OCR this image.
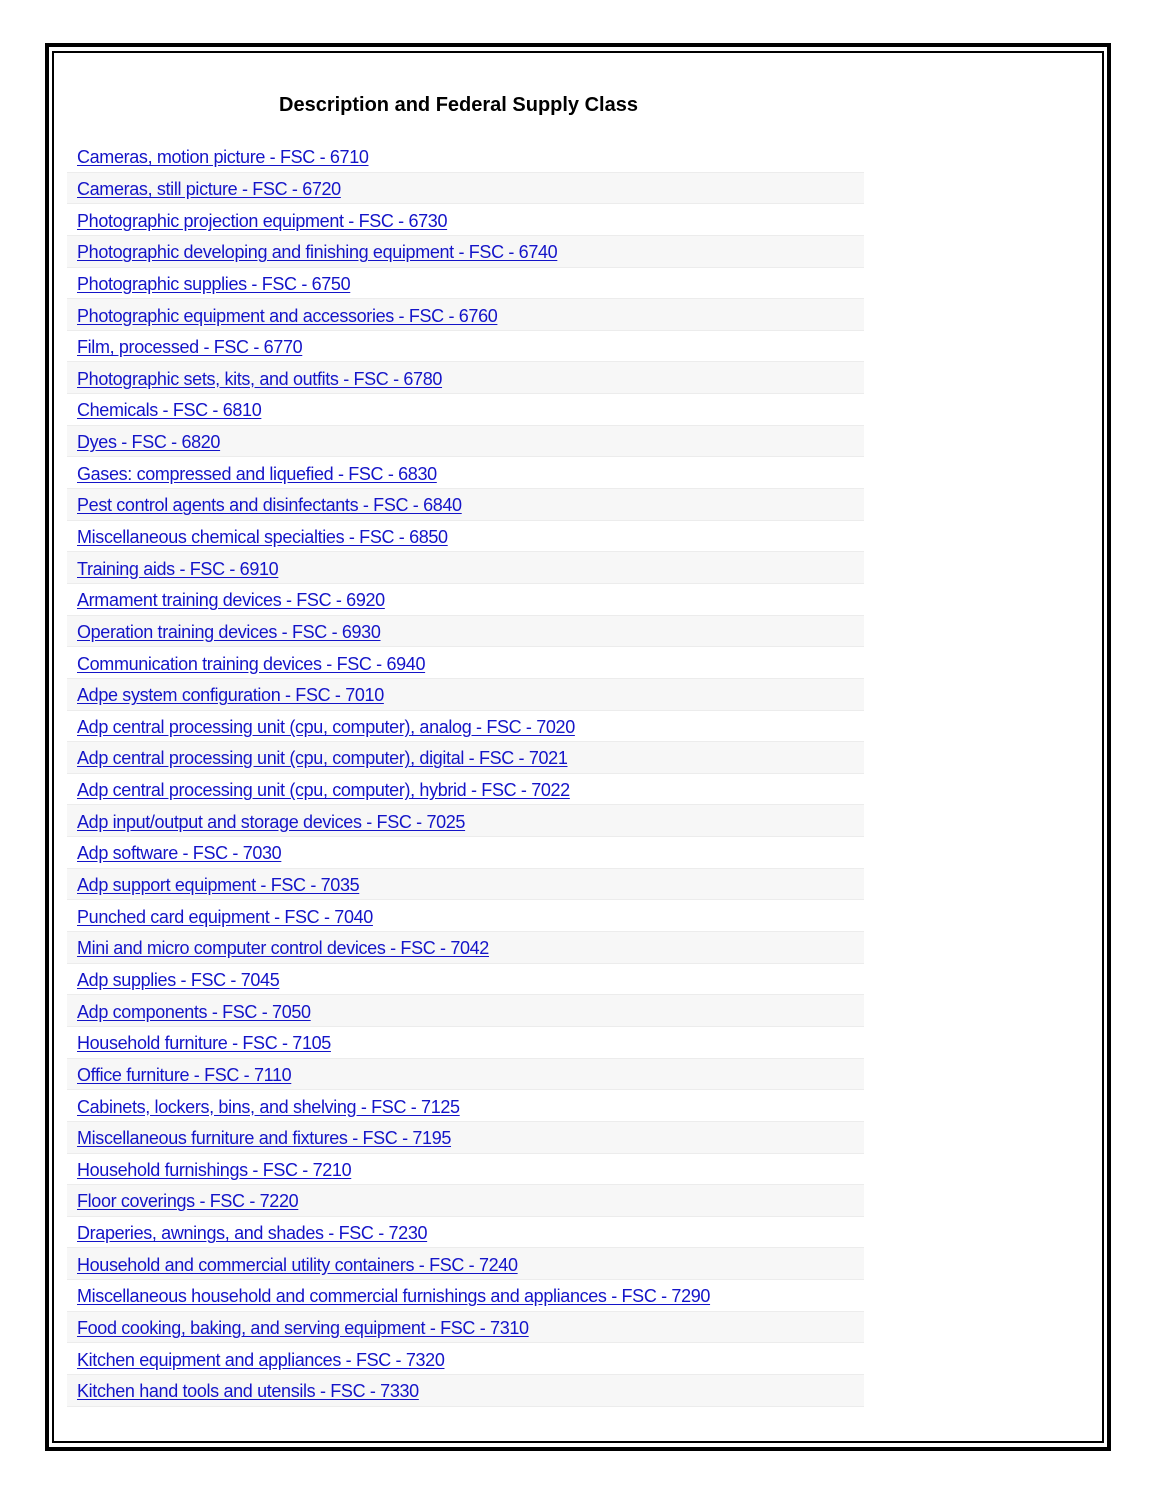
Description and Federal Supply Class
Cameras, motion picture - FSC - 6710
Cameras, still picture - FSC - 6720
Photographic projection equipment - FSC - 6730
Photographic developing and finishing equipment - FSC - 6740
Photographic supplies - FSC - 6750
Photographic equipment and accessories - FSC - 6760
Film, processed - FSC - 6770
Photographic sets, kits, and outfits - FSC - 6780
Chemicals - FSC - 6810
Dyes - FSC - 6820
Gases: compressed and liquefied - FSC - 6830
Pest control agents and disinfectants - FSC - 6840
Miscellaneous chemical specialties - FSC - 6850
Training aids - FSC - 6910
Armament training devices - FSC - 6920
Operation training devices - FSC - 6930
Communication training devices - FSC - 6940
Adpe system configuration - FSC - 7010
Adp central processing unit (cpu, computer), analog - FSC - 7020
Adp central processing unit (cpu, computer), digital - FSC - 7021
Adp central processing unit (cpu, computer), hybrid - FSC - 7022
Adp input/output and storage devices - FSC - 7025
Adp software - FSC - 7030
Adp support equipment - FSC - 7035
Punched card equipment - FSC - 7040
Mini and micro computer control devices - FSC - 7042
Adp supplies - FSC - 7045
Adp components - FSC - 7050
Household furniture - FSC - 7105
Office furniture - FSC - 7110
Cabinets, lockers, bins, and shelving - FSC - 7125
Miscellaneous furniture and fixtures - FSC - 7195
Household furnishings - FSC - 7210
Floor coverings - FSC - 7220
Draperies, awnings, and shades - FSC - 7230
Household and commercial utility containers - FSC - 7240
Miscellaneous household and commercial furnishings and appliances - FSC - 7290
Food cooking, baking, and serving equipment - FSC - 7310
Kitchen equipment and appliances - FSC - 7320
Kitchen hand tools and utensils - FSC - 7330
